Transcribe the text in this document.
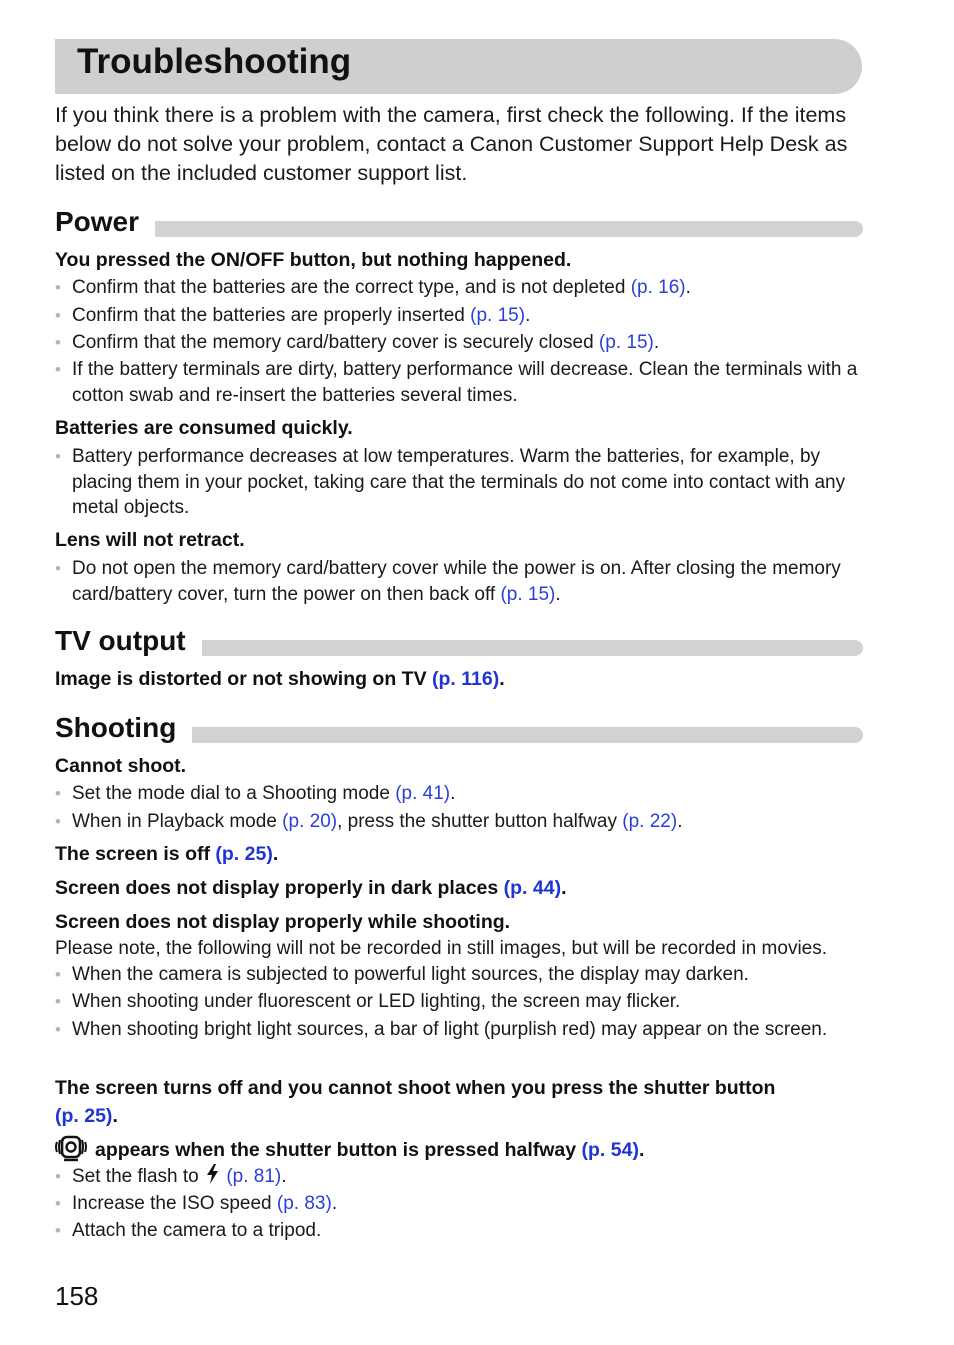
Troubleshooting
If you think there is a problem with the camera, first check the following. If the items below do not solve your problem, contact a Canon Customer Support Help Desk as listed on the included customer support list.
Power
You pressed the ON/OFF button, but nothing happened.
• Confirm that the batteries are the correct type, and is not depleted (p. 16).
• Confirm that the batteries are properly inserted (p. 15).
• Confirm that the memory card/battery cover is securely closed (p. 15).
• If the battery terminals are dirty, battery performance will decrease. Clean the terminals with a cotton swab and re-insert the batteries several times.
Batteries are consumed quickly.
• Battery performance decreases at low temperatures. Warm the batteries, for example, by placing them in your pocket, taking care that the terminals do not come into contact with any metal objects.
Lens will not retract.
• Do not open the memory card/battery cover while the power is on. After closing the memory card/battery cover, turn the power on then back off (p. 15).
TV output
Image is distorted or not showing on TV (p. 116).
Shooting
Cannot shoot.
• Set the mode dial to a Shooting mode (p. 41).
• When in Playback mode (p. 20), press the shutter button halfway (p. 22).
The screen is off (p. 25).
Screen does not display properly in dark places (p. 44).
Screen does not display properly while shooting.
Please note, the following will not be recorded in still images, but will be recorded in movies.
• When the camera is subjected to powerful light sources, the display may darken.
• When shooting under fluorescent or LED lighting, the screen may flicker.
• When shooting bright light sources, a bar of light (purplish red) may appear on the screen.
The screen turns off and you cannot shoot when you press the shutter button
(p. 25).
appears when the shutter button is pressed halfway (p. 54).
• Set the flash to  (p. 81).
• Increase the ISO speed (p. 83).
• Attach the camera to a tripod.
158
